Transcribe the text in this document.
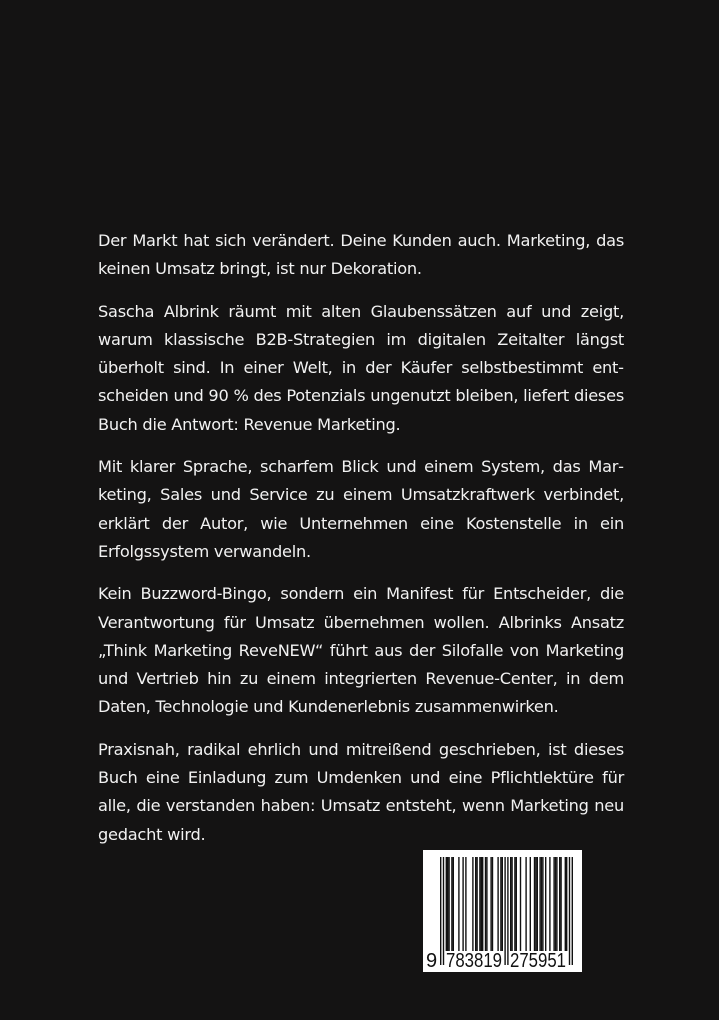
Der Markt hat sich verändert. Deine Kunden auch. Marketing, das keinen Umsatz bringt, ist nur Dekoration.

Sascha Albrink räumt mit alten Glaubenssätzen auf und zeigt, warum klassische B2B-Strategien im digitalen Zeitalter längst überholt sind. In einer Welt, in der Käufer selbstbestimmt entscheiden und 90 % des Potenzials ungenutzt bleiben, liefert dieses Buch die Antwort: Revenue Marketing.

Mit klarer Sprache, scharfem Blick und einem System, das Marketing, Sales und Service zu einem Umsatzkraftwerk verbindet, erklärt der Autor, wie Unternehmen eine Kostenstelle in ein Erfolgssystem verwandeln.

Kein Buzzword-Bingo, sondern ein Manifest für Entscheider, die Verantwortung für Umsatz übernehmen wollen. Albrinks Ansatz „Think Marketing ReveNEW“ führt aus der Silofalle von Marketing und Vertrieb hin zu einem integrierten Revenue-Center, in dem Daten, Technologie und Kundenerlebnis zusammenwirken.

Praxisnah, radikal ehrlich und mitreißend geschrieben, ist dieses Buch eine Einladung zum Umdenken und eine Pflichtlektüre für alle, die verstanden haben: Umsatz entsteht, wenn Marketing neu gedacht wird.

9 783819 275951
